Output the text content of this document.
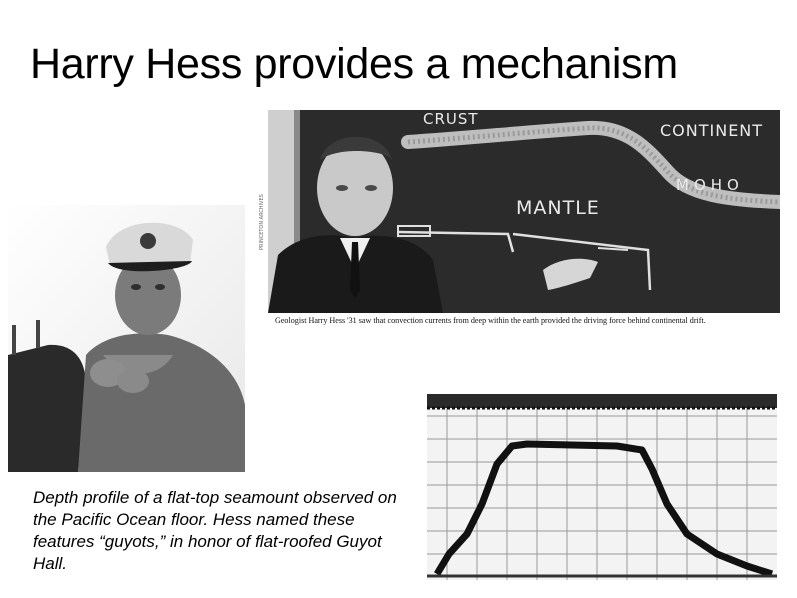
Harry Hess provides a mechanism
CRUST
CONTINENT
MOHO
MANTLE
PRINCETON ARCHIVES
Geologist Harry Hess '31 saw that convection currents from deep within the earth provided the driving force behind continental drift.

Depth profile of a flat-top seamount observed on the Pacific Ocean floor. Hess named these features “guyots,” in honor of flat-roofed Guyot Hall.
